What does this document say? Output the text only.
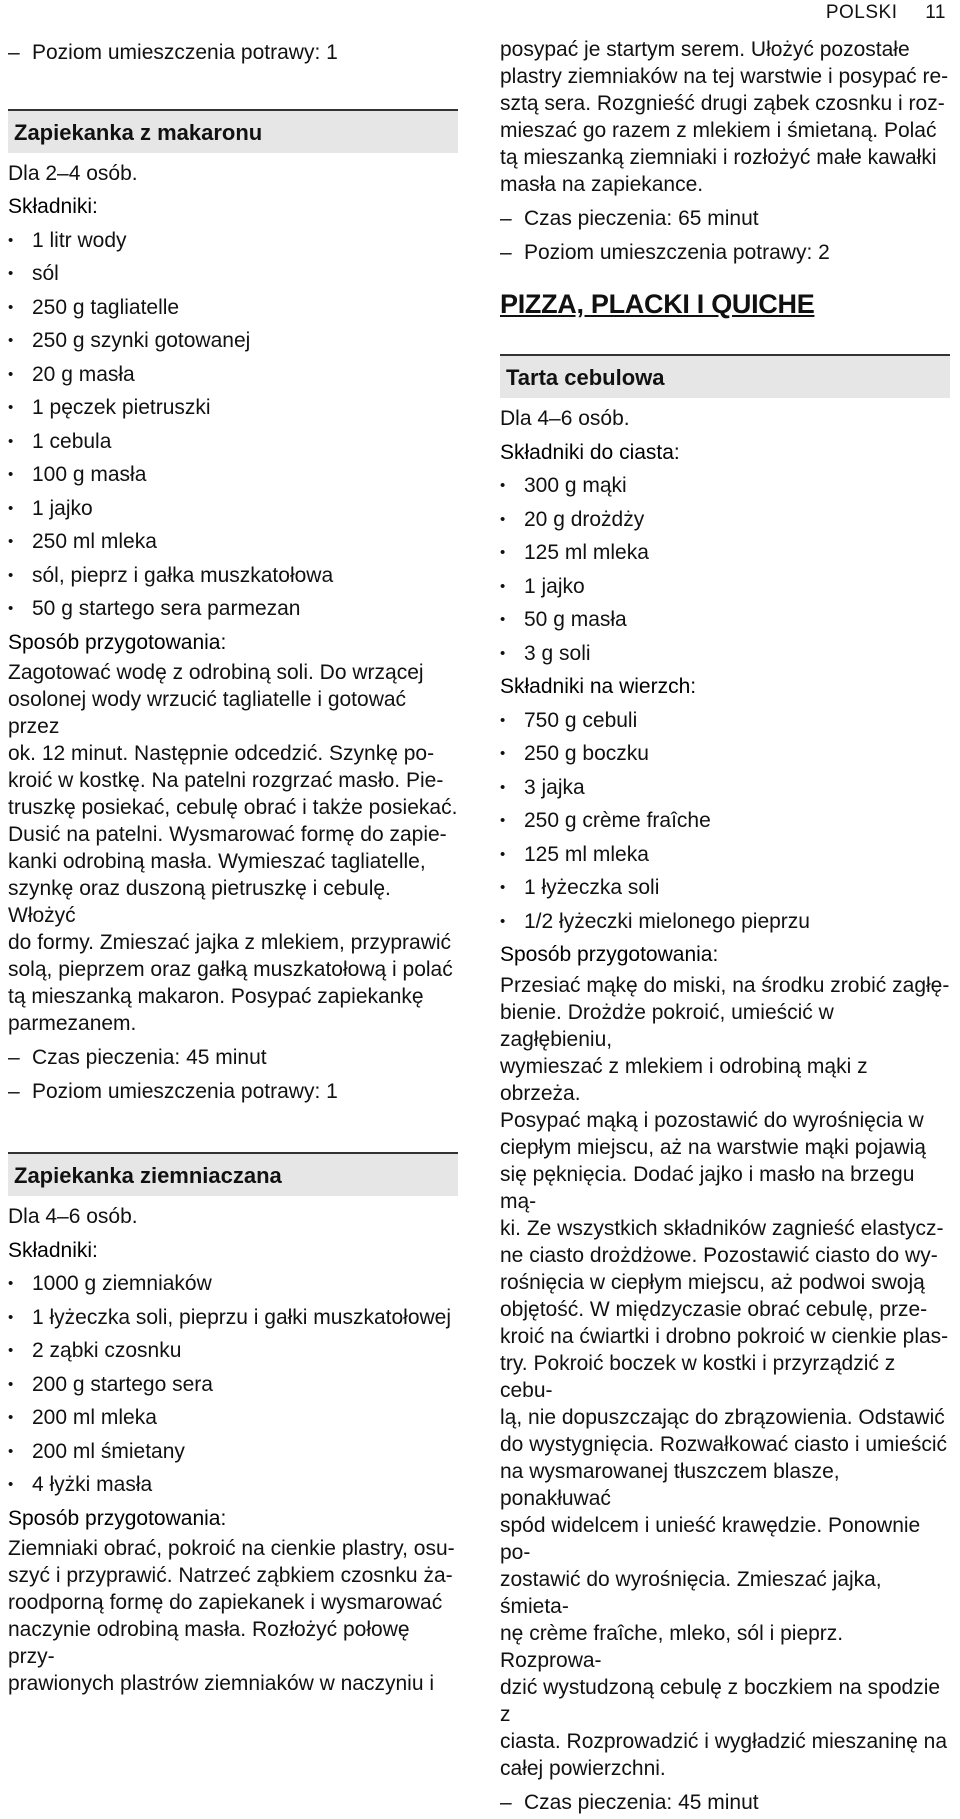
POLSKI 11
– Poziom umieszczenia potrawy: 1
Zapiekanka z makaronu
Dla 2–4 osób.
Składniki:
• 1 litr wody
• sól
• 250 g tagliatelle
• 250 g szynki gotowanej
• 20 g masła
• 1 pęczek pietruszki
• 1 cebula
• 100 g masła
• 1 jajko
• 250 ml mleka
• sól, pieprz i gałka muszkatołowa
• 50 g startego sera parmezan
Sposób przygotowania:
Zagotować wodę z odrobiną soli. Do wrzącej
osolonej wody wrzucić tagliatelle i gotować przez
ok. 12 minut. Następnie odcedzić. Szynkę po-
kroić w kostkę. Na patelni rozgrzać masło. Pie-
truszkę posiekać, cebulę obrać i także posiekać.
Dusić na patelni. Wysmarować formę do zapie-
kanki odrobiną masła. Wymieszać tagliatelle,
szynkę oraz duszoną pietruszkę i cebulę. Włożyć
do formy. Zmieszać jajka z mlekiem, przyprawić
solą, pieprzem oraz gałką muszkatołową i polać
tą mieszanką makaron. Posypać zapiekankę
parmezanem.
– Czas pieczenia: 45 minut
– Poziom umieszczenia potrawy: 1
Zapiekanka ziemniaczana
Dla 4–6 osób.
Składniki:
• 1000 g ziemniaków
• 1 łyżeczka soli, pieprzu i gałki muszkatołowej
• 2 ząbki czosnku
• 200 g startego sera
• 200 ml mleka
• 200 ml śmietany
• 4 łyżki masła
Sposób przygotowania:
Ziemniaki obrać, pokroić na cienkie plastry, osu-
szyć i przyprawić. Natrzeć ząbkiem czosnku ża-
roodporną formę do zapiekanek i wysmarować
naczynie odrobiną masła. Rozłożyć połowę przy-
prawionych plastrów ziemniaków w naczyniu i
posypać je startym serem. Ułożyć pozostałe
plastry ziemniaków na tej warstwie i posypać re-
sztą sera. Rozgnieść drugi ząbek czosnku i roz-
mieszać go razem z mlekiem i śmietaną. Polać
tą mieszanką ziemniaki i rozłożyć małe kawałki
masła na zapiekance.
– Czas pieczenia: 65 minut
– Poziom umieszczenia potrawy: 2
PIZZA, PLACKI I QUICHE
Tarta cebulowa
Dla 4–6 osób.
Składniki do ciasta:
• 300 g mąki
• 20 g drożdży
• 125 ml mleka
• 1 jajko
• 50 g masła
• 3 g soli
Składniki na wierzch:
• 750 g cebuli
• 250 g boczku
• 3 jajka
• 250 g crème fraîche
• 125 ml mleka
• 1 łyżeczka soli
• 1/2 łyżeczki mielonego pieprzu
Sposób przygotowania:
Przesiać mąkę do miski, na środku zrobić zagłę-
bienie. Drożdże pokroić, umieścić w zagłębieniu,
wymieszać z mlekiem i odrobiną mąki z obrzeża.
Posypać mąką i pozostawić do wyrośnięcia w
ciepłym miejscu, aż na warstwie mąki pojawią
się pęknięcia. Dodać jajko i masło na brzegu mą-
ki. Ze wszystkich składników zagnieść elastycz-
ne ciasto drożdżowe. Pozostawić ciasto do wy-
rośnięcia w ciepłym miejscu, aż podwoi swoją
objętość. W międzyczasie obrać cebulę, prze-
kroić na ćwiartki i drobno pokroić w cienkie plas-
try. Pokroić boczek w kostki i przyrządzić z cebu-
lą, nie dopuszczając do zbrązowienia. Odstawić
do wystygnięcia. Rozwałkować ciasto i umieścić
na wysmarowanej tłuszczem blasze, ponakłuwać
spód widelcem i unieść krawędzie. Ponownie po-
zostawić do wyrośnięcia. Zmieszać jajka, śmieta-
nę crème fraîche, mleko, sól i pieprz. Rozprowa-
dzić wystudzoną cebulę z boczkiem na spodzie z
ciasta. Rozprowadzić i wygładzić mieszaninę na
całej powierzchni.
– Czas pieczenia: 45 minut
